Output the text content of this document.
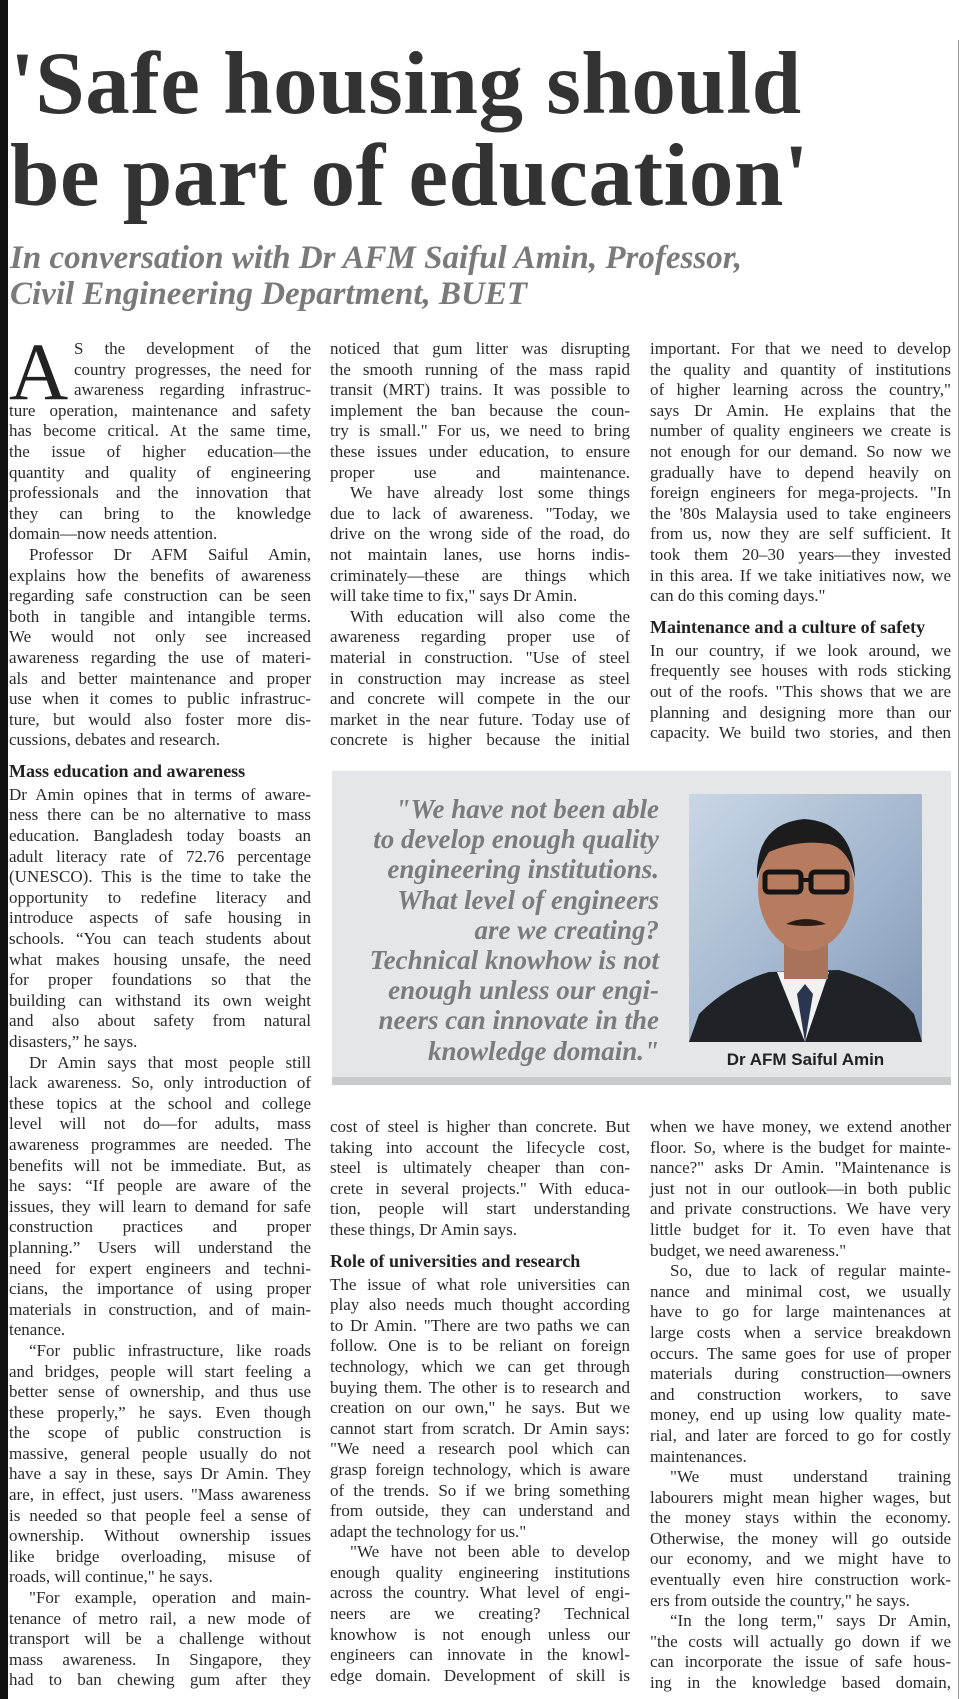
'Safe housing should
be part of education'
In conversation with Dr AFM Saiful Amin, Professor,
Civil Engineering Department, BUET
A S the development of the
country progresses, the need for
awareness regarding infrastruc-
ture operation, maintenance and safety
has become critical. At the same time,
the issue of higher education—the
quantity and quality of engineering
professionals and the innovation that
they can bring to the knowledge
domain—now needs attention.
Professor Dr AFM Saiful Amin,
explains how the benefits of awareness
regarding safe construction can be seen
both in tangible and intangible terms.
We would not only see increased
awareness regarding the use of materi-
als and better maintenance and proper
use when it comes to public infrastruc-
ture, but would also foster more dis-
cussions, debates and research.
Mass education and awareness
Dr Amin opines that in terms of aware-
ness there can be no alternative to mass
education. Bangladesh today boasts an
adult literacy rate of 72.76 percentage
(UNESCO). This is the time to take the
opportunity to redefine literacy and
introduce aspects of safe housing in
schools. “You can teach students about
what makes housing unsafe, the need
for proper foundations so that the
building can withstand its own weight
and also about safety from natural
disasters,” he says.
Dr Amin says that most people still
lack awareness. So, only introduction of
these topics at the school and college
level will not do—for adults, mass
awareness programmes are needed. The
benefits will not be immediate. But, as
he says: “If people are aware of the
issues, they will learn to demand for safe
construction practices and proper
planning.” Users will understand the
need for expert engineers and techni-
cians, the importance of using proper
materials in construction, and of main-
tenance.
“For public infrastructure, like roads
and bridges, people will start feeling a
better sense of ownership, and thus use
these properly,” he says. Even though
the scope of public construction is
massive, general people usually do not
have a say in these, says Dr Amin. They
are, in effect, just users. "Mass awareness
is needed so that people feel a sense of
ownership. Without ownership issues
like bridge overloading, misuse of
roads, will continue," he says.
"For example, operation and main-
tenance of metro rail, a new mode of
transport will be a challenge without
mass awareness. In Singapore, they
had to ban chewing gum after they
noticed that gum litter was disrupting
the smooth running of the mass rapid
transit (MRT) trains. It was possible to
implement the ban because the coun-
try is small." For us, we need to bring
these issues under education, to ensure
proper use and maintenance.
We have already lost some things
due to lack of awareness. "Today, we
drive on the wrong side of the road, do
not maintain lanes, use horns indis-
criminately—these are things which
will take time to fix," says Dr Amin.
With education will also come the
awareness regarding proper use of
material in construction. "Use of steel
in construction may increase as steel
and concrete will compete in the our
market in the near future. Today use of
concrete is higher because the initial
important. For that we need to develop
the quality and quantity of institutions
of higher learning across the country,"
says Dr Amin. He explains that the
number of quality engineers we create is
not enough for our demand. So now we
gradually have to depend heavily on
foreign engineers for mega-projects. "In
the '80s Malaysia used to take engineers
from us, now they are self sufficient. It
took them 20–30 years—they invested
in this area. If we take initiatives now, we
can do this coming days."
Maintenance and a culture of safety
In our country, if we look around, we
frequently see houses with rods sticking
out of the roofs. "This shows that we are
planning and designing more than our
capacity. We build two stories, and then
cost of steel is higher than concrete. But
taking into account the lifecycle cost,
steel is ultimately cheaper than con-
crete in several projects." With educa-
tion, people will start understanding
these things, Dr Amin says.
Role of universities and research
The issue of what role universities can
play also needs much thought according
to Dr Amin. "There are two paths we can
follow. One is to be reliant on foreign
technology, which we can get through
buying them. The other is to research and
creation on our own," he says. But we
cannot start from scratch. Dr Amin says:
"We need a research pool which can
grasp foreign technology, which is aware
of the trends. So if we bring something
from outside, they can understand and
adapt the technology for us."
"We have not been able to develop
enough quality engineering institutions
across the country. What level of engi-
neers are we creating? Technical
knowhow is not enough unless our
engineers can innovate in the knowl-
edge domain. Development of skill is
when we have money, we extend another
floor. So, where is the budget for mainte-
nance?" asks Dr Amin. "Maintenance is
just not in our outlook—in both public
and private constructions. We have very
little budget for it. To even have that
budget, we need awareness."
So, due to lack of regular mainte-
nance and minimal cost, we usually
have to go for large maintenances at
large costs when a service breakdown
occurs. The same goes for use of proper
materials during construction—owners
and construction workers, to save
money, end up using low quality mate-
rial, and later are forced to go for costly
maintenances.
"We must understand training
labourers might mean higher wages, but
the money stays within the economy.
Otherwise, the money will go outside
our economy, and we might have to
eventually even hire construction work-
ers from outside the country," he says.
“In the long term," says Dr Amin,
"the costs will actually go down if we
can incorporate the issue of safe hous-
ing in the knowledge based domain,
"We have not been able
to develop enough quality
engineering institutions.
What level of engineers
are we creating?
Technical knowhow is not
enough unless our engi-
neers can innovate in the
knowledge domain."	Dr AFM Saiful Amin
